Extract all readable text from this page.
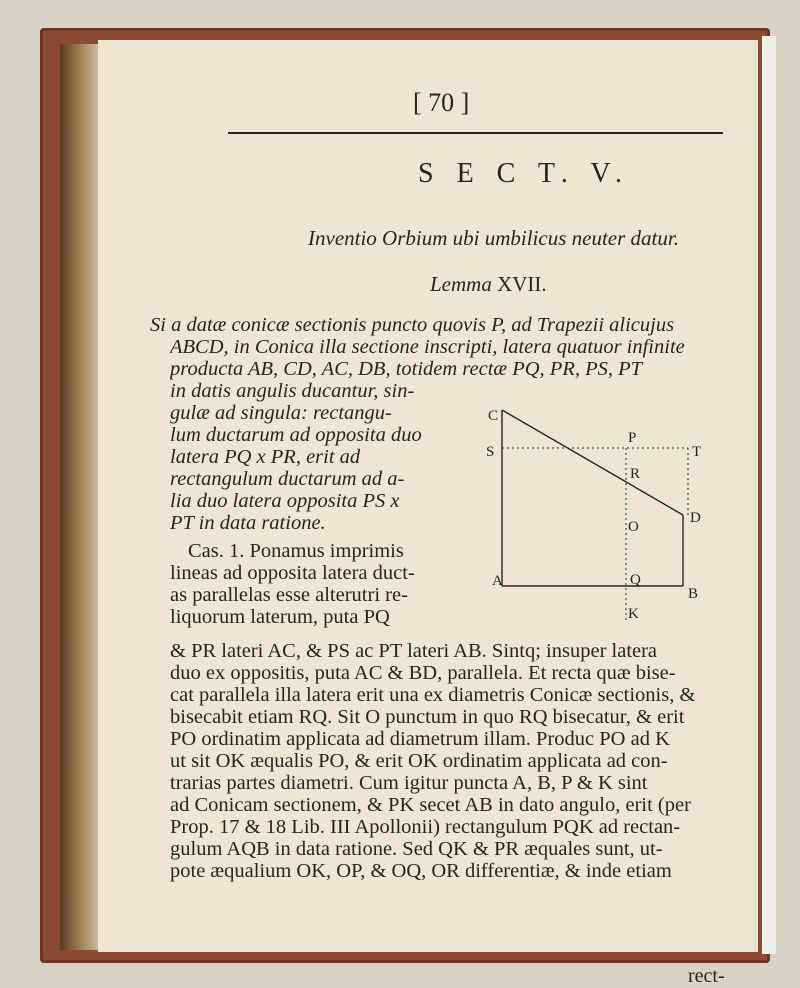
[ 70 ]
S E C T. V.
Inventio Orbium ubi umbilicus neuter datur.
Lemma XVII.
Si a datæ conicæ sectionis puncto quovis P, ad Trapezii alicujus
ABCD, in Conica illa sectione inscripti, latera quatuor infinite
producta AB, CD, AC, DB, totidem rectæ PQ, PR, PS, PT
in datis angulis ducantur, sin-
gulæ ad singula: rectangu-
lum ductarum ad opposita duo
latera PQ x PR, erit ad
rectangulum ductarum ad a-
lia duo latera opposita PS x
PT in data ratione.
Cas. 1. Ponamus imprimis
lineas ad opposita latera duct-
as parallelas esse alterutri re-
liquorum laterum, puta PQ
& PR lateri AC, & PS ac PT lateri AB. Sintq; insuper latera
duo ex oppositis, puta AC & BD, parallela. Et recta quæ bise-
cat parallela illa latera erit una ex diametris Conicæ sectionis, &
bisecabit etiam RQ. Sit O punctum in quo RQ bisecatur, & erit
PO ordinatim applicata ad diametrum illam. Produc PO ad K
ut sit OK æqualis PO, & erit OK ordinatim applicata ad con-
trarias partes diametri. Cum igitur puncta A, B, P & K sint
ad Conicam sectionem, & PK secet AB in dato angulo, erit (per
Prop. 17 & 18 Lib. III Apollonii) rectangulum PQK ad rectan-
gulum AQB in data ratione. Sed QK & PR æquales sunt, ut-
pote æqualium OK, OP, & OQ, OR differentiæ, & inde etiam
rect-
C
S
P
T
R
D
O
A	Q
B
K
